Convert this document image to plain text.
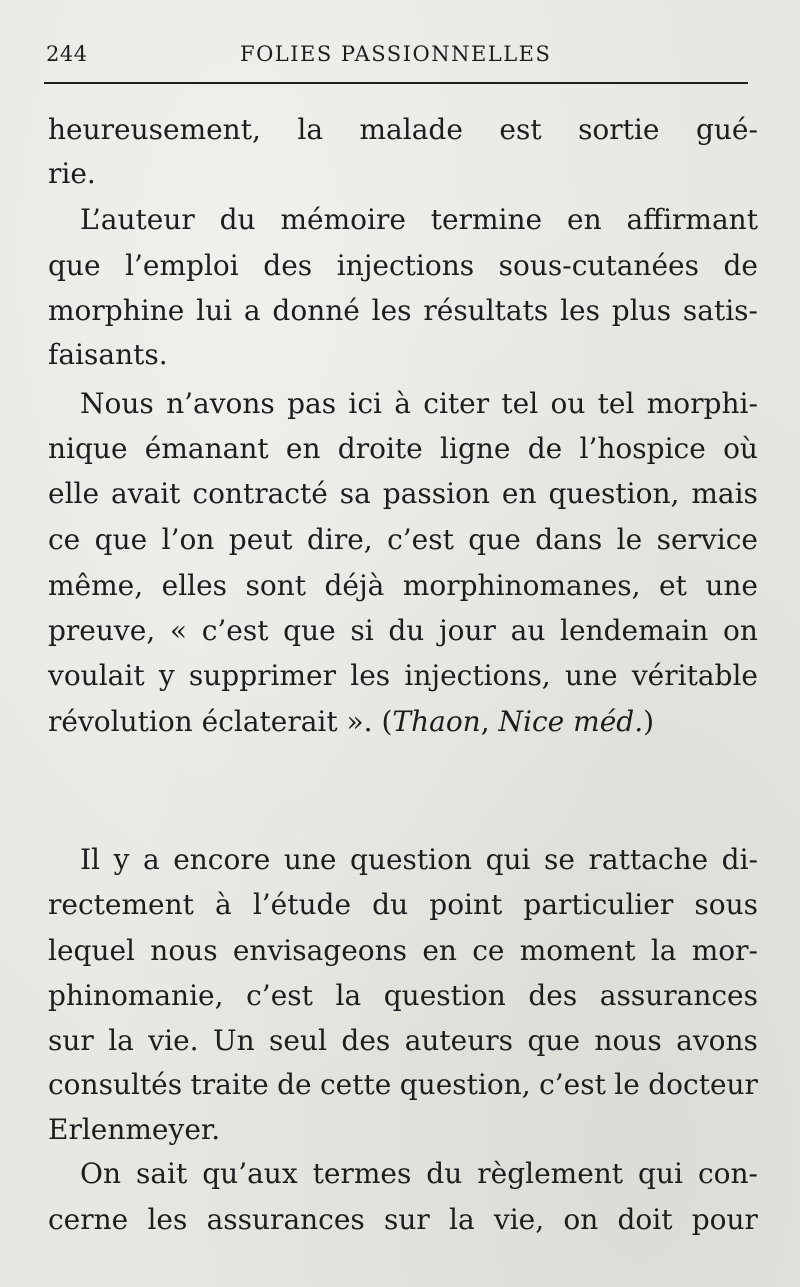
244	FOLIES PASSIONNELLES
heureusement, la malade est sortie gué-
rie.
L’auteur du mémoire termine en affirmant
que l’emploi des injections sous-cutanées de
morphine lui a donné les résultats les plus satis-
faisants.
Nous n’avons pas ici à citer tel ou tel morphi-
nique émanant en droite ligne de l’hospice où
elle avait contracté sa passion en question, mais
ce que l’on peut dire, c’est que dans le service
même, elles sont déjà morphinomanes, et une
preuve, « c’est que si du jour au lendemain on
voulait y supprimer les injections, une véritable
révolution
éclaterait
».
(Thaon,
Nice
méd.)
Il y a encore une question qui se rattache di-
rectement à l’étude du point particulier sous
lequel nous envisageons en ce moment la mor-
phinomanie, c’est la question des assurances
sur la vie. Un seul des auteurs que nous avons
consultés traite de cette question, c’est le docteur
Erlenmeyer.
On sait qu’aux termes du règlement qui con-
cerne les assurances sur la vie, on doit pour
